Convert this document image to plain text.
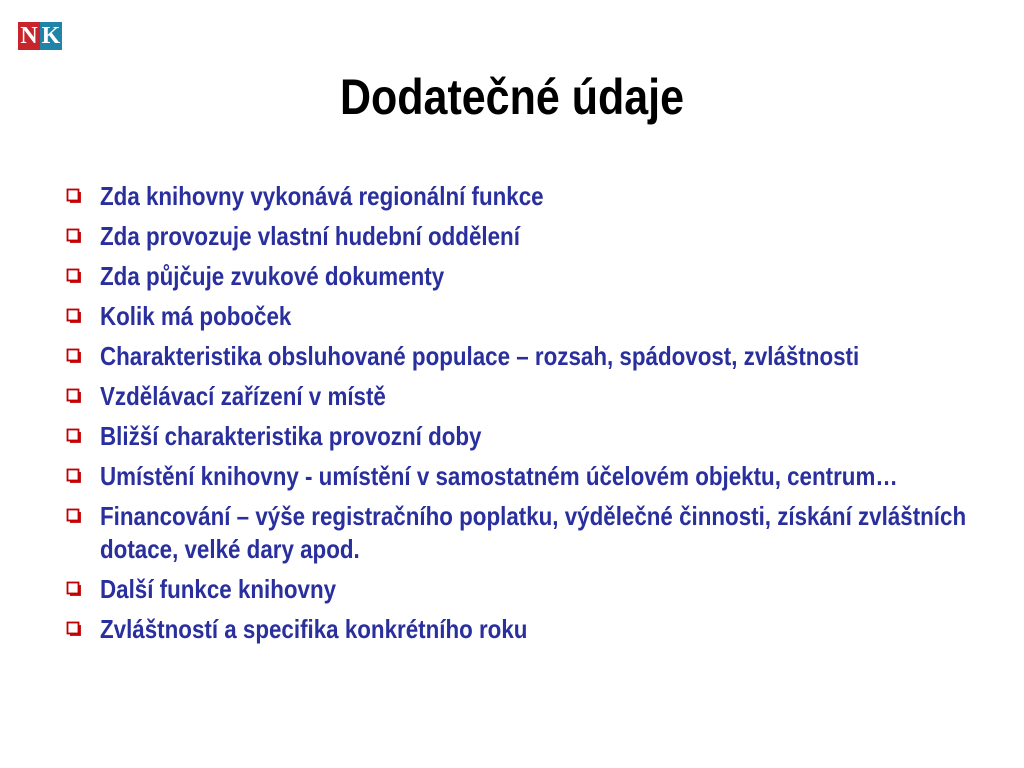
N K
Dodatečné údaje
Zda knihovny vykonává regionální funkce
Zda provozuje vlastní hudební oddělení
Zda půjčuje zvukové dokumenty
Kolik má poboček
Charakteristika obsluhované populace – rozsah, spádovost, zvláštnosti
Vzdělávací zařízení v místě
Bližší charakteristika provozní doby
Umístění knihovny - umístění v samostatném účelovém objektu, centrum…
Financování – výše registračního poplatku, výdělečné činnosti, získání zvláštních dotace, velké dary apod.
Další funkce knihovny
Zvláštností a specifika konkrétního roku
